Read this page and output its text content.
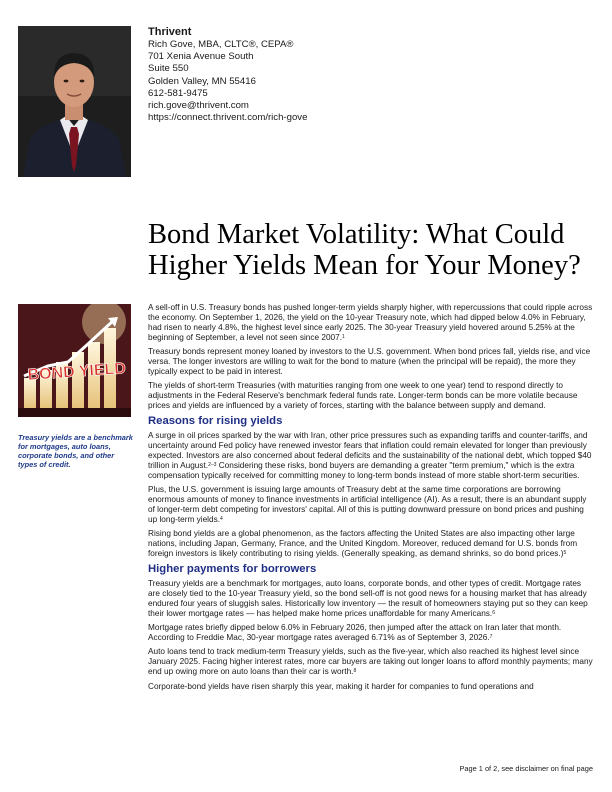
Thrivent
Rich Gove, MBA, CLTC®, CEPA®
701 Xenia Avenue South
Suite 550
Golden Valley, MN 55416
612-581-9475
rich.gove@thrivent.com
https://connect.thrivent.com/rich-gove
Bond Market Volatility: What Could Higher Yields Mean for Your Money?
BOND YIELD
Treasury yields are a benchmark for mortgages, auto loans, corporate bonds, and other types of credit.

A sell-off in U.S. Treasury bonds has pushed longer-term yields sharply higher, with repercussions that could ripple across the economy. On September 1, 2026, the yield on the 10-year Treasury note, which had dipped below 4.0% in February, had risen to nearly 4.8%, the highest level since early 2025. The 30-year Treasury yield hovered around 5.25% at the beginning of September, a level not seen since 2007.$^1$

Treasury bonds represent money loaned by investors to the U.S. government. When bond prices fall, yields rise, and vice versa. The longer investors are willing to wait for the bond to mature (when the principal will be repaid), the more they typically expect to be paid in interest.

The yields of short-term Treasuries (with maturities ranging from one week to one year) tend to respond directly to adjustments in the Federal Reserve's benchmark federal funds rate. Longer-term bonds can be more volatile because prices and yields are influenced by a variety of forces, starting with the balance between supply and demand.

Reasons for rising yields

A surge in oil prices sparked by the war with Iran, other price pressures such as expanding tariffs and counter-tariffs, and uncertainty around Fed policy have renewed investor fears that inflation could remain elevated for longer than previously expected. Investors are also concerned about federal deficits and the sustainability of the national debt, which topped $40 trillion in August.$^{2-3}$ Considering these risks, bond buyers are demanding a greater "term premium," which is the extra compensation typically received for committing money to long-term bonds instead of more stable short-term securities.

Plus, the U.S. government is issuing large amounts of Treasury debt at the same time corporations are borrowing enormous amounts of money to finance investments in artificial intelligence (AI). As a result, there is an abundant supply of longer-term debt competing for investors' capital. All of this is putting downward pressure on bond prices and pushing up long-term yields.$^4$

Rising bond yields are a global phenomenon, as the factors affecting the United States are also impacting other large nations, including Japan, Germany, France, and the United Kingdom. Moreover, reduced demand for U.S. bonds from foreign investors is likely contributing to rising yields. (Generally speaking, as demand shrinks, so do bond prices.)$^5$

Higher payments for borrowers

Treasury yields are a benchmark for mortgages, auto loans, corporate bonds, and other types of credit. Mortgage rates are closely tied to the 10-year Treasury yield, so the bond sell-off is not good news for a housing market that has already endured four years of sluggish sales. Historically low inventory — the result of homeowners staying put so they can keep their lower mortgage rates — has helped make home prices unaffordable for many Americans.$^6$

Mortgage rates briefly dipped below 6.0% in February 2026, then jumped after the attack on Iran later that month. According to Freddie Mac, 30-year mortgage rates averaged 6.71% as of September 3, 2026.$^7$

Auto loans tend to track medium-term Treasury yields, such as the five-year, which also reached its highest level since January 2025. Facing higher interest rates, more car buyers are taking out longer loans to afford monthly payments; many end up owing more on auto loans than their car is worth.$^8$

Corporate-bond yields have risen sharply this year, making it harder for companies to fund operations and

Page 1 of 2, see disclaimer on final page
